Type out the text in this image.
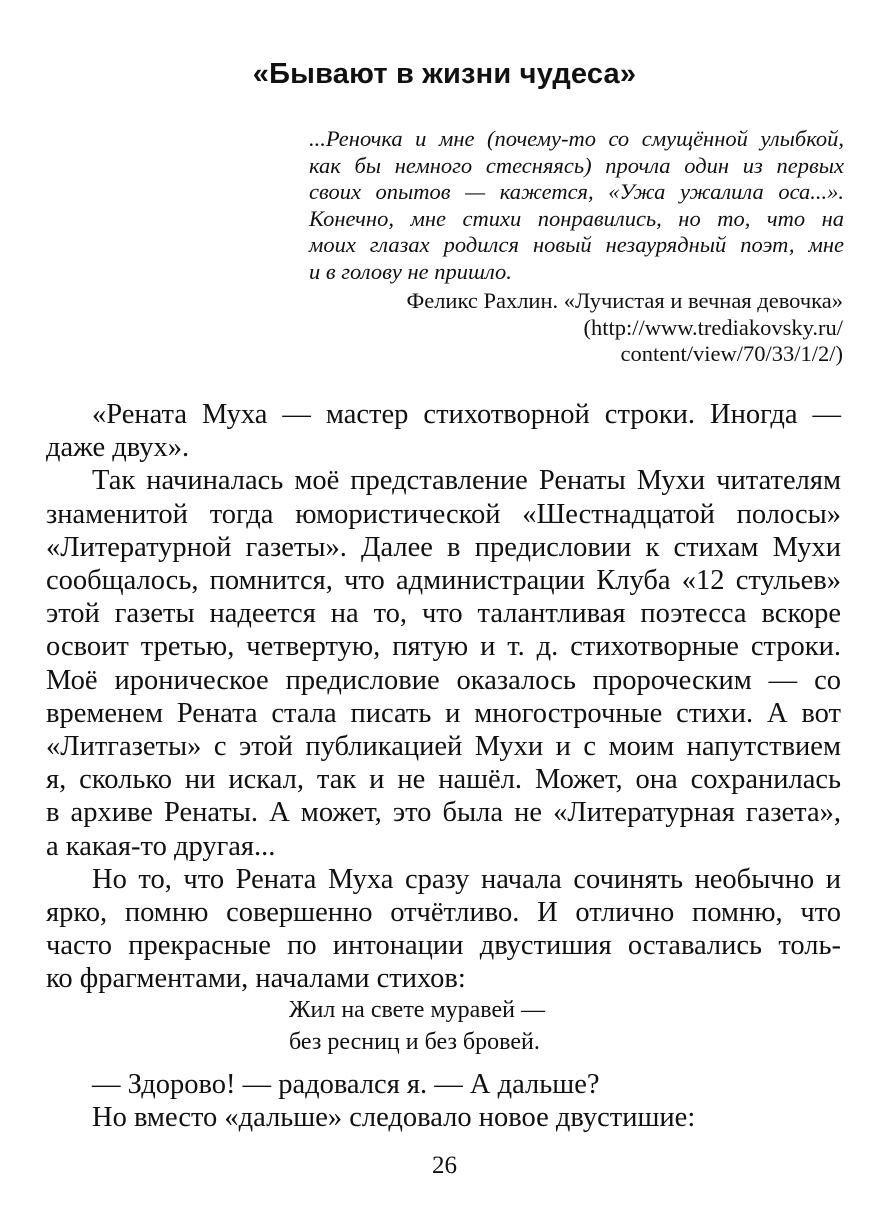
«Бывают в жизни чудеса»
...Реночка и мне (почему-то со смущённой улыбкой,
как бы немного стесняясь) прочла один из первых
своих опытов — кажется, «Ужа ужалила оса...».
Конечно, мне стихи понравились, но то, что на
моих глазах родился новый незаурядный поэт, мне
и в голову не пришло.
Феликс Рахлин. «Лучистая и вечная девочка»
(http://www.trediakovsky.ru/
content/view/70/33/1/2/)
«Рената Муха — мастер стихотворной строки. Иногда —
даже двух».
Так начиналась моё представление Ренаты Мухи читателям
знаменитой тогда юмористической «Шестнадцатой полосы»
«Литературной газеты». Далее в предисловии к стихам Мухи
сообщалось, помнится, что администрации Клуба «12 стульев»
этой газеты надеется на то, что талантливая поэтесса вскоре
освоит третью, четвертую, пятую и т. д. стихотворные строки.
Моё ироническое предисловие оказалось пророческим — со
временем Рената стала писать и многострочные стихи. А вот
«Литгазеты» с этой публикацией Мухи и с моим напутствием
я, сколько ни искал, так и не нашёл. Может, она сохранилась
в архиве Ренаты. А может, это была не «Литературная газета»,
а какая-то другая...
Но то, что Рената Муха сразу начала сочинять необычно и
ярко, помню совершенно отчётливо. И отлично помню, что
часто прекрасные по интонации двустишия оставались толь-
ко фрагментами, началами стихов:
Жил на свете муравей —
без ресниц и без бровей.
— Здорово! — радовался я. — А дальше?
Но вместо «дальше» следовало новое двустишие:
26
